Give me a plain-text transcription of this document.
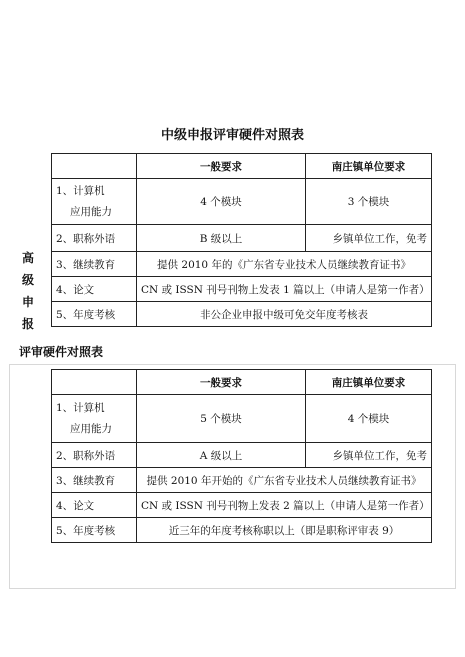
中级申报评审硬件对照表
	一般要求	南庄镇单位要求

1、计算机
应用能力	4 个模块	3 个模块
2、职称外语	B 级以上	乡镇单位工作，免考
3、继续教育	提供 2010 年的《广东省专业技术人员继续教育证书》	
4、论文	CN 或 ISSN 刊号刊物上发表 1 篇以上（申请人是第一作者）	
5、年度考核	非公企业申报中级可免交年度考核表	
高
级
申
报
评审硬件对照表
	一般要求	南庄镇单位要求

1、计算机
应用能力	5 个模块	4 个模块
2、职称外语	A 级以上	乡镇单位工作，免考
3、继续教育	提供 2010 年开始的《广东省专业技术人员继续教育证书》	
4、论文	CN 或 ISSN 刊号刊物上发表 2 篇以上（申请人是第一作者）	
5、年度考核	近三年的年度考核称职以上（即是职称评审表 9）	
